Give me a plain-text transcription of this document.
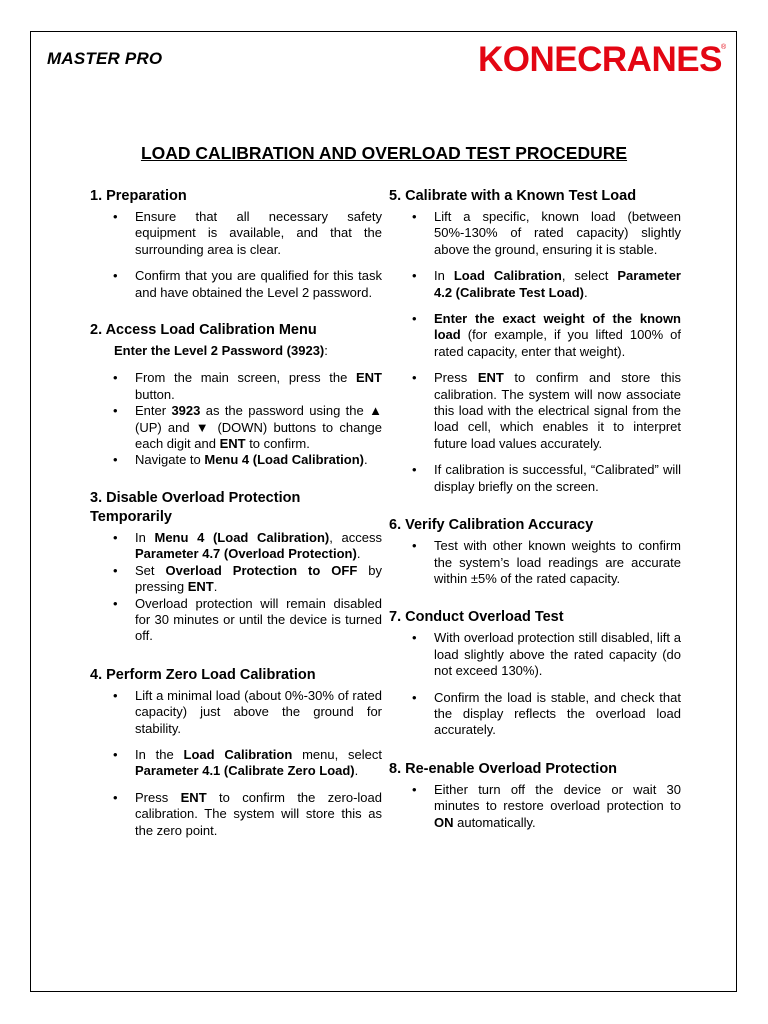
MASTER PRO	KONECRANES ®
LOAD CALIBRATION AND OVERLOAD TEST PROCEDURE

1. Preparation

• Ensure that all necessary safety equipment is available, and that the surrounding area is clear.
• Confirm that you are qualified for this task and have obtained the Level 2 password.

2. Access Load Calibration Menu

Enter the Level 2 Password (3923):

• From the main screen, press the ENT button.
• Enter 3923 as the password using the ▲ (UP) and ▼ (DOWN) buttons to change each digit and ENT to confirm.
• Navigate to Menu 4 (Load Calibration).

3. Disable Overload Protection Temporarily

• In Menu 4 (Load Calibration), access Parameter 4.7 (Overload Protection).
• Set Overload Protection to OFF by pressing ENT.
• Overload protection will remain disabled for 30 minutes or until the device is turned off.

4. Perform Zero Load Calibration

• Lift a minimal load (about 0%-30% of rated capacity) just above the ground for stability.
• In the Load Calibration menu, select Parameter 4.1 (Calibrate Zero Load).
• Press ENT to confirm the zero-load calibration. The system will store this as the zero point.

5. Calibrate with a Known Test Load

• Lift a specific, known load (between 50%-130% of rated capacity) slightly above the ground, ensuring it is stable.
• In Load Calibration, select Parameter 4.2 (Calibrate Test Load).
• Enter the exact weight of the known load (for example, if you lifted 100% of rated capacity, enter that weight).
• Press ENT to confirm and store this calibration. The system will now associate this load with the electrical signal from the load cell, which enables it to interpret future load values accurately.
• If calibration is successful, “Calibrated” will display briefly on the screen.

6. Verify Calibration Accuracy

• Test with other known weights to confirm the system’s load readings are accurate within ±5% of the rated capacity.

7. Conduct Overload Test

• With overload protection still disabled, lift a load slightly above the rated capacity (do not exceed 130%).
• Confirm the load is stable, and check that the display reflects the overload load accurately.

8. Re-enable Overload Protection

• Either turn off the device or wait 30 minutes to restore overload protection to ON automatically.
